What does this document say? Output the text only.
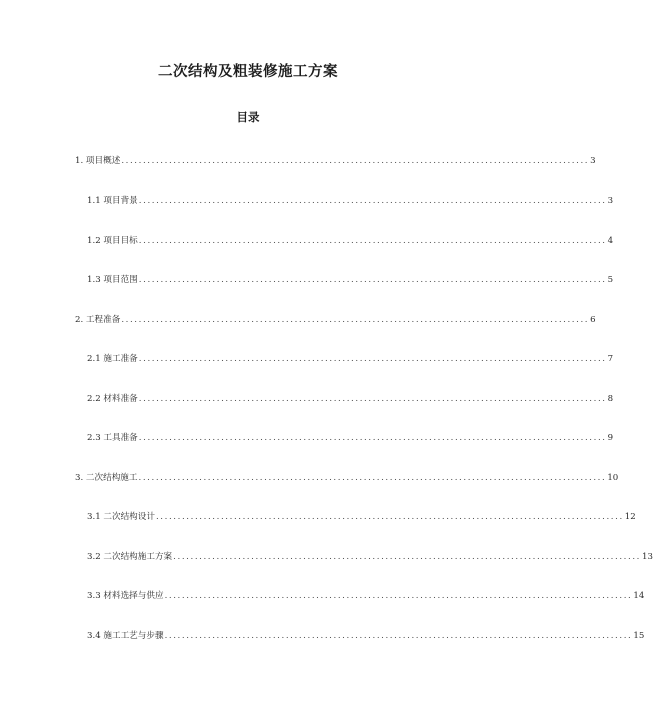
二次结构及粗装修施工方案
目录
1. 项目概述 ............................................................................................................ 3
1.1 项目背景 ............................................................................................................ 3
1.2 项目目标 ............................................................................................................ 4
1.3 项目范围 ............................................................................................................ 5
2. 工程准备 ............................................................................................................ 6
2.1 施工准备 ............................................................................................................ 7
2.2 材料准备 ............................................................................................................ 8
2.3 工具准备 ............................................................................................................ 9
3. 二次结构施工 ............................................................................................................ 10
3.1 二次结构设计 ............................................................................................................ 12
3.2 二次结构施工方案 ............................................................................................................ 13
3.3 材料选择与供应 ............................................................................................................ 14
3.4 施工工艺与步骤 ............................................................................................................ 15
